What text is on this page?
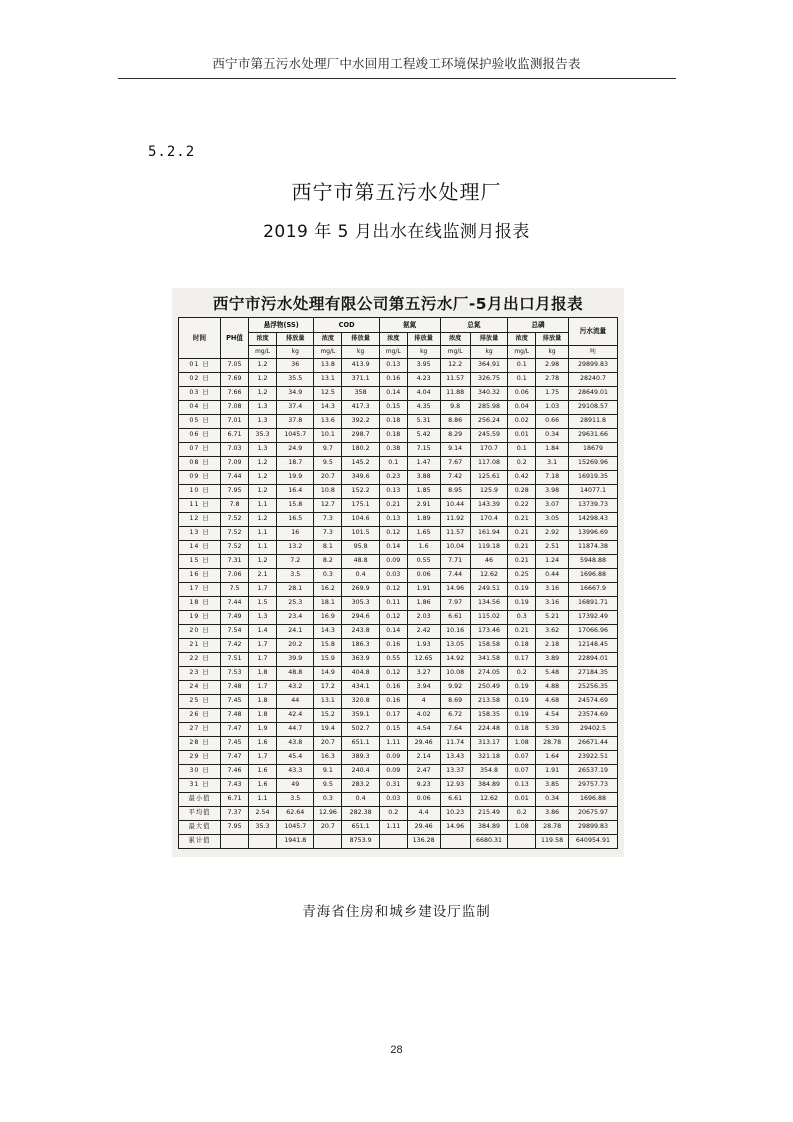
西宁市第五污水处理厂中水回用工程竣工环境保护验收监测报告表
5.2.2
西宁市第五污水处理厂
2019 年 5 月出水在线监测月报表
西宁市污水处理有限公司第五污水厂-5月出口月报表
时间	PH值	悬浮物(SS)		COD		氨氮		总氮		总磷		污水流量
		浓度	排放量	浓度	排放量	浓度	排放量	浓度	排放量	浓度	排放量	
		mg/L	kg	mg/L	kg	mg/L	kg	mg/L	kg	mg/L	kg	吨
01 日	7.05	1.2	36	13.8	413.9	0.13	3.95	12.2	364.91	0.1	2.98	29899.83
02 日	7.69	1.2	35.5	13.1	371.1	0.16	4.23	11.57	326.75	0.1	2.78	28240.7
03 日	7.66	1.2	34.9	12.5	358	0.14	4.04	11.88	340.32	0.06	1.75	28649.01
04 日	7.08	1.3	37.4	14.3	417.3	0.15	4.35	9.8	285.98	0.04	1.03	29108.57
05 日	7.01	1.3	37.8	13.6	392.2	0.18	5.31	8.86	256.24	0.02	0.66	28911.8
06 日	6.71	35.3	1045.7	10.1	298.7	0.18	5.42	8.29	245.59	0.01	0.34	29631.66
07 日	7.03	1.3	24.9	9.7	180.2	0.38	7.15	9.14	170.7	0.1	1.84	18679
08 日	7.09	1.2	18.7	9.5	145.2	0.1	1.47	7.67	117.08	0.2	3.1	15269.96
09 日	7.44	1.2	19.9	20.7	349.6	0.23	3.88	7.42	125.61	0.42	7.18	16919.35
10 日	7.95	1.2	16.4	10.8	152.2	0.13	1.85	8.95	125.9	0.28	3.98	14077.1
11 日	7.8	1.1	15.8	12.7	175.1	0.21	2.91	10.44	143.39	0.22	3.07	13739.73
12 日	7.52	1.2	16.5	7.3	104.6	0.13	1.89	11.92	170.4	0.21	3.05	14298.43
13 日	7.52	1.1	16	7.3	101.5	0.12	1.65	11.57	161.94	0.21	2.92	13996.69
14 日	7.52	1.1	13.2	8.1	95.8	0.14	1.6	10.04	119.18	0.21	2.51	11874.38
15 日	7.31	1.2	7.2	8.2	48.8	0.09	0.55	7.71	46	0.21	1.24	5948.88
16 日	7.06	2.1	3.5	0.3	0.4	0.03	0.06	7.44	12.62	0.25	0.44	1696.88
17 日	7.5	1.7	28.1	16.2	269.9	0.12	1.91	14.96	249.51	0.19	3.16	16667.9
18 日	7.44	1.5	25.3	18.1	305.3	0.11	1.86	7.97	134.56	0.19	3.16	16891.71
19 日	7.49	1.3	23.4	16.9	294.6	0.12	2.03	6.61	115.02	0.3	5.21	17392.49
20 日	7.54	1.4	24.1	14.3	243.8	0.14	2.42	10.16	173.46	0.21	3.62	17066.96
21 日	7.42	1.7	20.2	15.8	186.3	0.16	1.93	13.05	158.58	0.18	2.18	12148.45
22 日	7.51	1.7	39.9	15.9	363.9	0.55	12.65	14.92	341.58	0.17	3.89	22894.01
23 日	7.53	1.8	48.8	14.9	404.8	0.12	3.27	10.08	274.05	0.2	5.48	27184.35
24 日	7.48	1.7	43.2	17.2	434.1	0.16	3.94	9.92	250.49	0.19	4.88	25256.35
25 日	7.45	1.8	44	13.1	320.8	0.16	4	8.69	213.58	0.19	4.68	24574.69
26 日	7.48	1.8	42.4	15.2	359.1	0.17	4.02	6.72	158.35	0.19	4.54	23574.69
27 日	7.47	1.9	44.7	19.4	502.7	0.15	4.54	7.64	224.48	0.18	5.39	29402.5
28 日	7.45	1.6	43.8	20.7	651.1	1.11	29.46	11.74	313.17	1.08	28.78	26671.44
29 日	7.47	1.7	45.4	16.3	389.3	0.09	2.14	13.43	321.18	0.07	1.64	23922.51
30 日	7.46	1.6	43.3	9.1	240.4	0.09	2.47	13.37	354.8	0.07	1.91	26537.19
31 日	7.43	1.6	49	9.5	283.2	0.31	9.23	12.93	384.89	0.13	3.85	29757.73
最小值	6.71	1.1	3.5	0.3	0.4	0.03	0.06	6.61	12.62	0.01	0.34	1696.88
平均值	7.37	2.54	62.64	12.96	282.38	0.2	4.4	10.23	215.49	0.2	3.86	20675.97
最大值	7.95	35.3	1045.7	20.7	651.1	1.11	29.46	14.96	384.89	1.08	28.78	29899.83
累计值			1941.8		8753.9		136.28		6680.31		119.58	640954.91
青海省住房和城乡建设厅监制
28
